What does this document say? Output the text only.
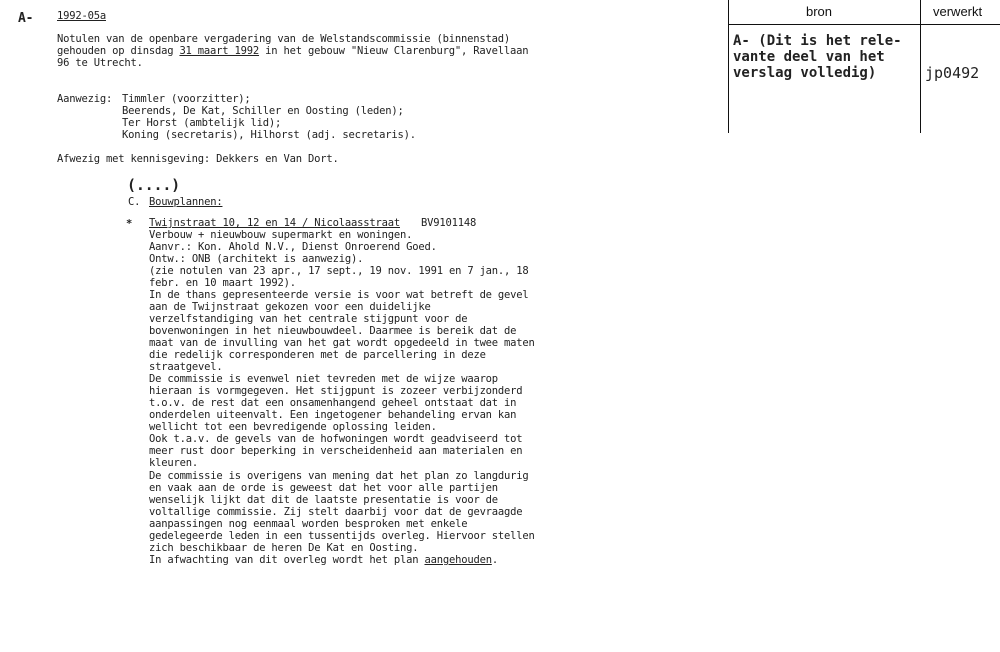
A- 1992-05a
Notulen van de openbare vergadering van de Welstandscommissie (binnenstad)
gehouden op dinsdag 31 maart 1992 in het gebouw "Nieuw Clarenburg", Ravellaan
96 te Utrecht.
Aanwezig: Timmler (voorzitter);
Beerends, De Kat, Schiller en Oosting (leden);
Ter Horst (ambtelijk lid);
Koning (secretaris), Hilhorst (adj. secretaris).
Afwezig met kennisgeving: Dekkers en Van Dort.
(....)
C. Bouwplannen:
* Twijnstraat 10, 12 en 14 / Nicolaasstraat BV9101148
Verbouw + nieuwbouw supermarkt en woningen.
Aanvr.: Kon. Ahold N.V., Dienst Onroerend Goed.
Ontw.: ONB (architekt is aanwezig).
(zie notulen van 23 apr., 17 sept., 19 nov. 1991 en 7 jan., 18
febr. en 10 maart 1992).
In de thans gepresenteerde versie is voor wat betreft de gevel
aan de Twijnstraat gekozen voor een duidelijke
verzelfstandiging van het centrale stijgpunt voor de
bovenwoningen in het nieuwbouwdeel. Daarmee is bereik dat de
maat van de invulling van het gat wordt opgedeeld in twee maten
die redelijk corresponderen met de parcellering in deze
straatgevel.
De commissie is evenwel niet tevreden met de wijze waarop
hieraan is vormgegeven. Het stijgpunt is zozeer verbijzonderd
t.o.v. de rest dat een onsamenhangend geheel ontstaat dat in
onderdelen uiteenvalt. Een ingetogener behandeling ervan kan
wellicht tot een bevredigende oplossing leiden.
Ook t.a.v. de gevels van de hofwoningen wordt geadviseerd tot
meer rust door beperking in verscheidenheid aan materialen en
kleuren.
De commissie is overigens van mening dat het plan zo langdurig
en vaak aan de orde is geweest dat het voor alle partijen
wenselijk lijkt dat dit de laatste presentatie is voor de
voltallige commissie. Zij stelt daarbij voor dat de gevraagde
aanpassingen nog eenmaal worden besproken met enkele
gedelegeerde leden in een tussentijds overleg. Hiervoor stellen
zich beschikbaar de heren De Kat en Oosting.
In afwachting van dit overleg wordt het plan aangehouden.
bron	verwerkt
A- (Dit is het rele-
vante deel van het
verslag volledig)	jp0492
